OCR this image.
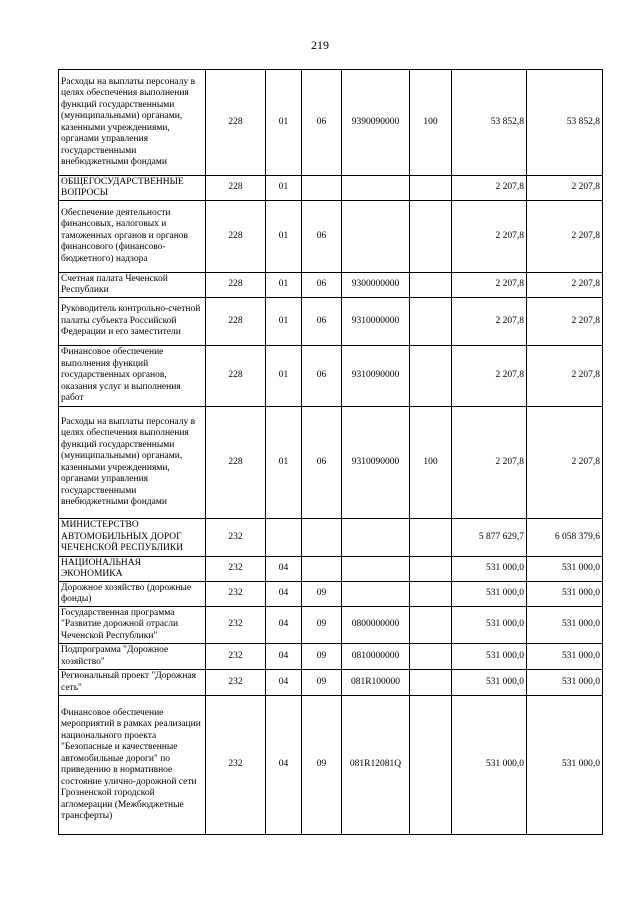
219
Расходы на выплаты персоналу в целях обеспечения выполнения функций государственными (муниципальными) органами, казенными учреждениями, органами управления государственными внебюджетными фондами	228	01	06	9390090000	100	53 852,8	53 852,8
ОБЩЕГОСУДАРСТВЕННЫЕ ВОПРОСЫ	228	01				2 207,8	2 207,8
Обеспечение деятельности финансовых, налоговых и таможенных органов и органов финансового (финансово-бюджетного) надзора	228	01	06			2 207,8	2 207,8
Счетная палата Чеченской Республики	228	01	06	9300000000		2 207,8	2 207,8
Руководитель контрольно-счетной палаты субъекта Российской Федерации и его заместители	228	01	06	9310000000		2 207,8	2 207,8
Финансовое обеспечение выполнения функций государственных органов, оказания услуг и выполнения работ	228	01	06	9310090000		2 207,8	2 207,8
Расходы на выплаты персоналу в целях обеспечения выполнения функций государственными (муниципальными) органами, казенными учреждениями, органами управления государственными внебюджетными фондами	228	01	06	9310090000	100	2 207,8	2 207,8
МИНИСТЕРСТВО АВТОМОБИЛЬНЫХ ДОРОГ ЧЕЧЕНСКОЙ РЕСПУБЛИКИ	232					5 877 629,7	6 058 379,6
НАЦИОНАЛЬНАЯ ЭКОНОМИКА	232	04				531 000,0	531 000,0
Дорожное хозяйство (дорожные фонды)	232	04	09			531 000,0	531 000,0
Государственная программа "Развитие дорожной отрасли Чеченской Республики"	232	04	09	0800000000		531 000,0	531 000,0
Подпрограмма "Дорожное хозяйство"	232	04	09	0810000000		531 000,0	531 000,0
Региональный проект "Дорожная сеть"	232	04	09	081R100000		531 000,0	531 000,0
Финансовое обеспечение мероприятий в рамках реализации национального проекта "Безопасные и качественные автомобильные дороги" по приведению в нормативное состояние улично-дорожной сети Грозненской городской агломерации (Межбюджетные трансферты)	232	04	09	081R12081Q		531 000,0	531 000,0
